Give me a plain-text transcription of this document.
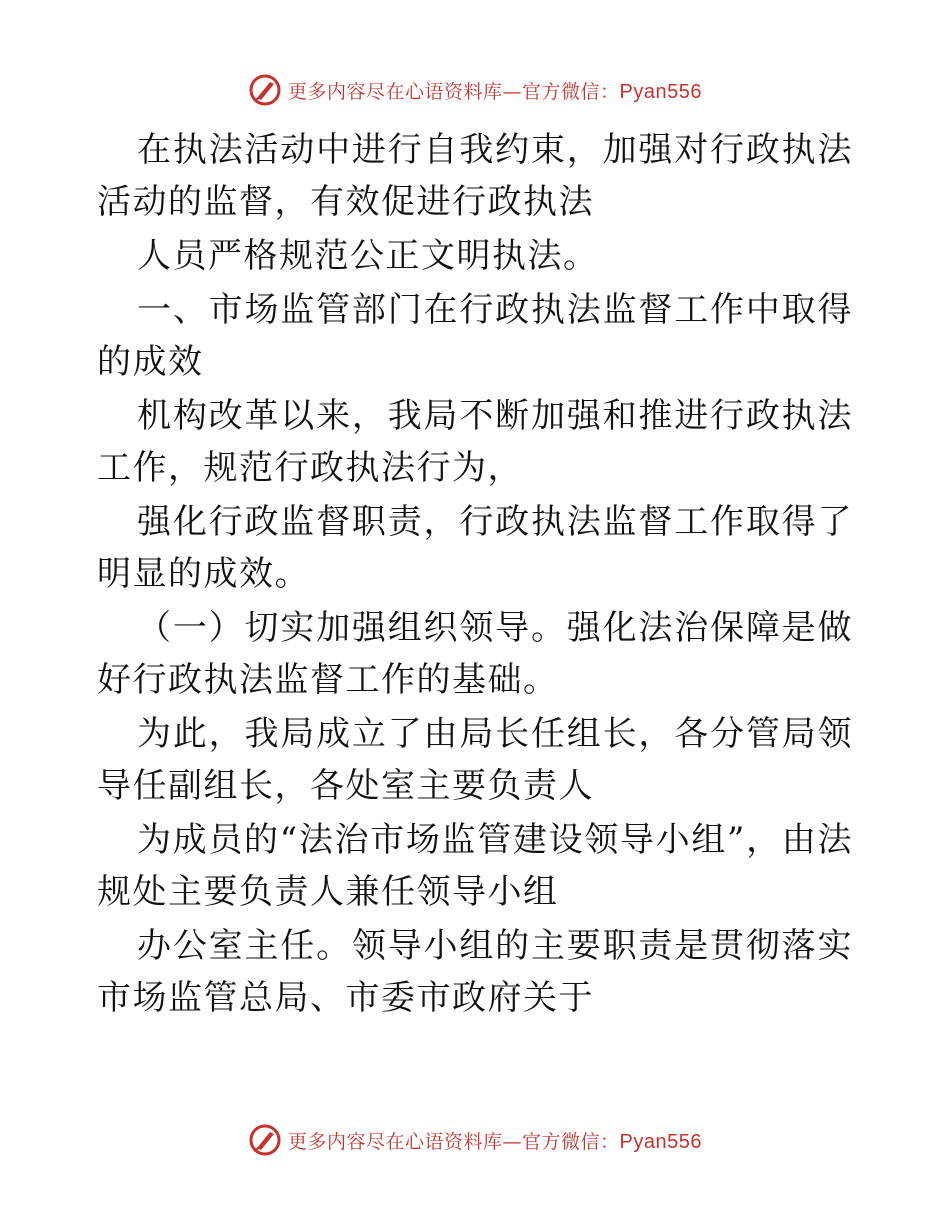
更多内容尽在心语资料库—官方微信：Pyan556

在执法活动中进行自我约束，加强对行政执法活动的监督，有效促进行政执法

人员严格规范公正文明执法。

一、市场监管部门在行政执法监督工作中取得的成效

机构改革以来，我局不断加强和推进行政执法工作，规范行政执法行为，

强化行政监督职责，行政执法监督工作取得了明显的成效。

（一）切实加强组织领导。强化法治保障是做好行政执法监督工作的基础。

为此，我局成立了由局长任组长，各分管局领导任副组长，各处室主要负责人

为成员的“法治市场监管建设领导小组”，由法规处主要负责人兼任领导小组

办公室主任。领导小组的主要职责是贯彻落实市场监管总局、市委市政府关于

更多内容尽在心语资料库—官方微信：Pyan556
